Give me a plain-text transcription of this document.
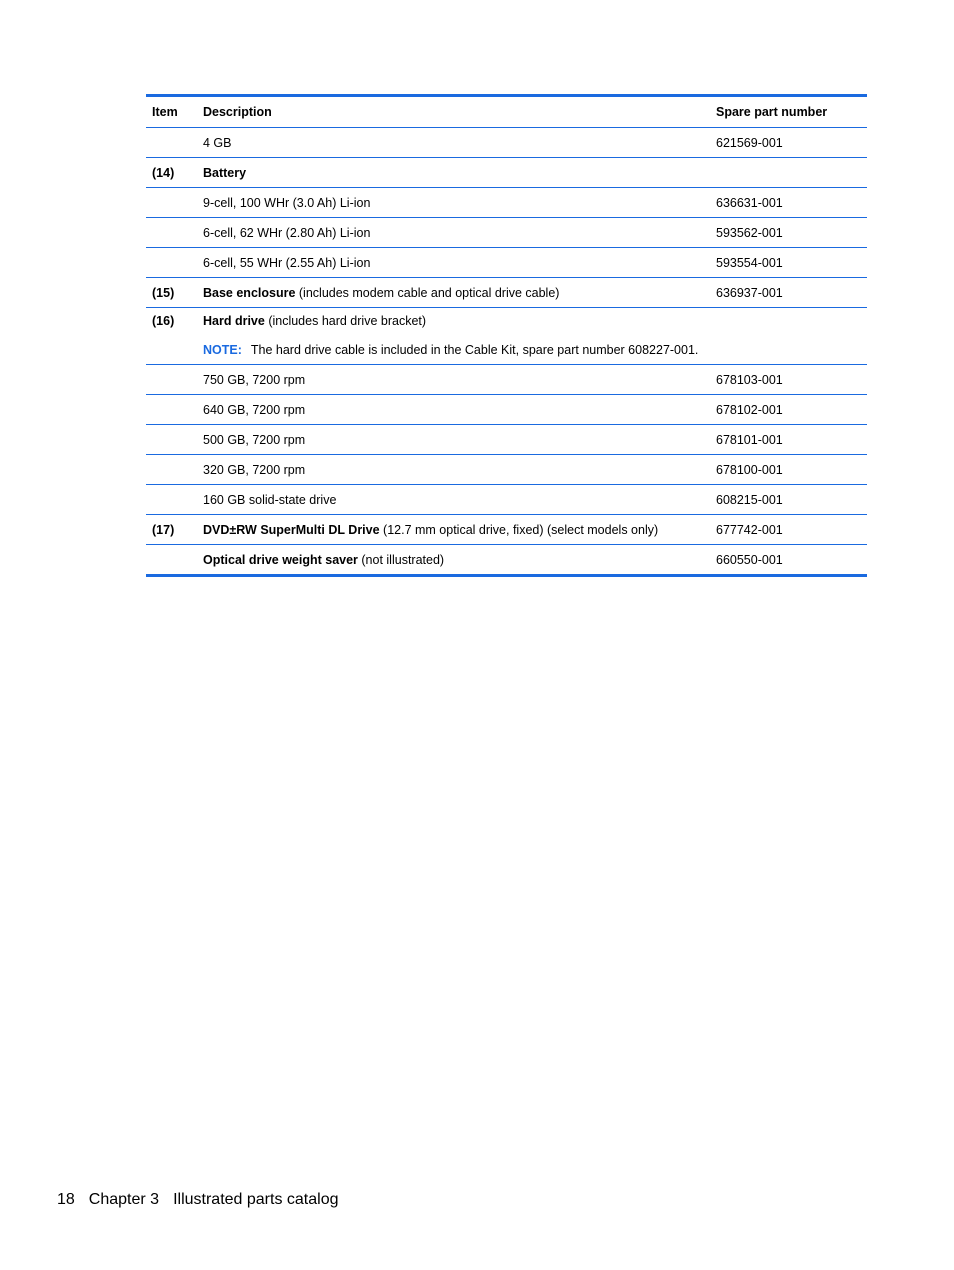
Item	Description	Spare part number
	4 GB	621569-001
(14)	Battery	
	9-cell, 100 WHr (3.0 Ah) Li-ion	636631-001
	6-cell, 62 WHr (2.80 Ah) Li-ion	593562-001
	6-cell, 55 WHr (2.55 Ah) Li-ion	593554-001
(15)	Base enclosure (includes modem cable and optical drive cable)	636937-001
(16)	Hard drive (includes hard drive bracket)
NOTE: The hard drive cable is included in the Cable Kit, spare part number 608227-001.	

	750 GB, 7200 rpm	678103-001
	640 GB, 7200 rpm	678102-001
	500 GB, 7200 rpm	678101-001
	320 GB, 7200 rpm	678100-001
	160 GB solid-state drive	608215-001
(17)	DVD±RW SuperMulti DL Drive (12.7 mm optical drive, fixed) (select models only)	677742-001
	Optical drive weight saver (not illustrated)	660550-001
18 Chapter 3 Illustrated parts catalog
